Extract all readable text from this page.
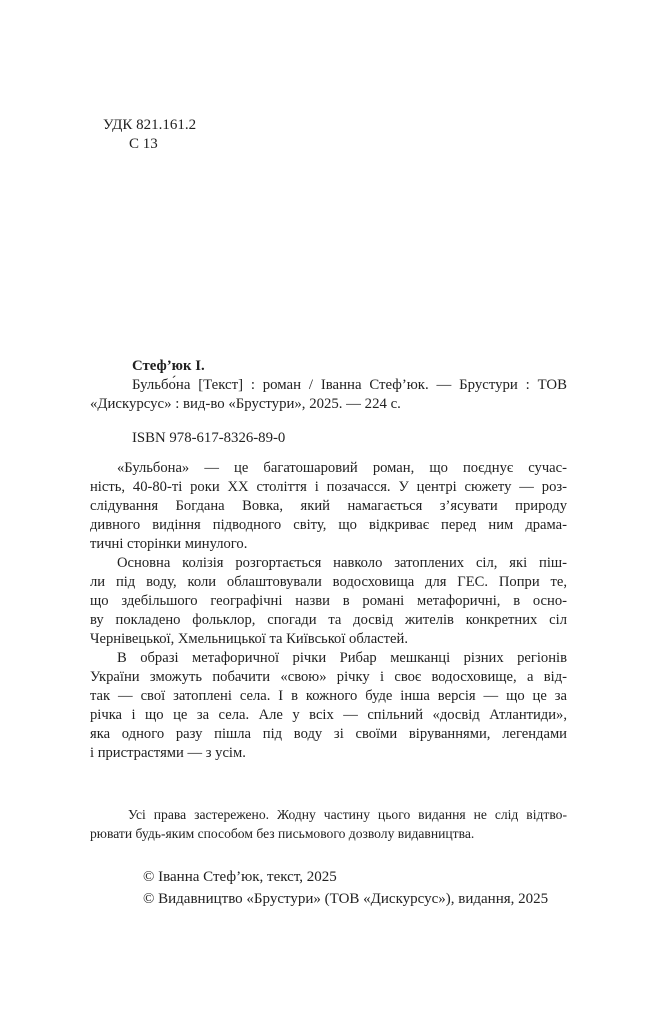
УДК 821.161.2
С 13
Стеф’юк І.
Бульбо́на [Текст] : роман / Іванна Стеф’юк. — Брустури : ТОВ
«Дискурсус» : вид-во «Брустури», 2025. — 224 с.
ISBN 978-617-8326-89-0
«Бульбона» — це багатошаровий роман, що поєднує сучас-
ність, 40-80-ті роки ХХ століття і позачасся. У центрі сюжету — роз-
слідування Богдана Вовка, який намагається з’ясувати природу
дивного видіння підводного світу, що відкриває перед ним драма-
тичні сторінки минулого.
Основна колізія розгортається навколо затоплених сіл, які піш-
ли під воду, коли облаштовували водосховища для ГЕС. Попри те,
що здебільшого географічні назви в романі метафоричні, в осно-
ву покладено фольклор, спогади та досвід жителів конкретних сіл
Чернівецької, Хмельницької та Київської областей.
В образі метафоричної річки Рибар мешканці різних регіонів
України зможуть побачити «свою» річку і своє водосховище, а від-
так — свої затоплені села. І в кожного буде інша версія — що це за
річка і що це за села. Але у всіх — спільний «досвід Атлантиди»,
яка одного разу пішла під воду зі своїми віруваннями, легендами
і пристрастями — з усім.
Усі права застережено. Жодну частину цього видання не слід відтво-
рювати будь-яким способом без письмового дозволу видавництва.
© Іванна Стеф’юк, текст, 2025
© Видавництво «Брустури» (ТОВ «Дискурсус»), видання, 2025
